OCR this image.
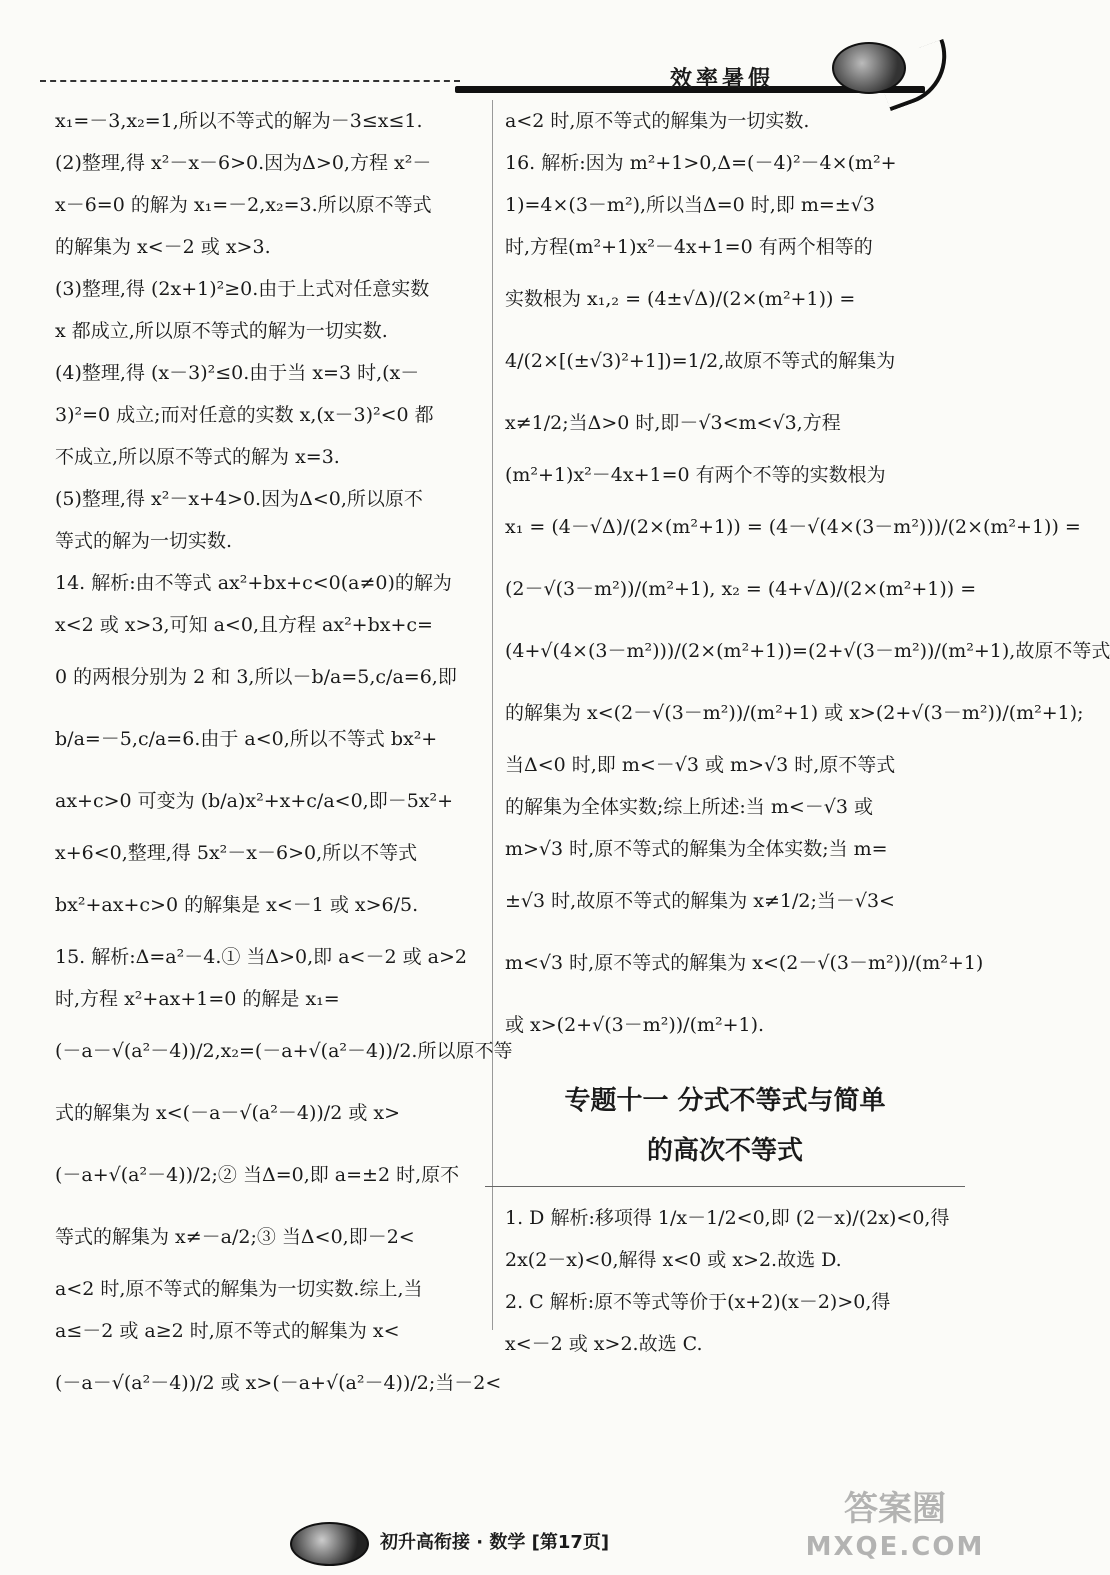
效率暑假

x₁=－3,x₂=1,所以不等式的解为－3≤x≤1.

(2)整理,得 x²－x－6>0.因为Δ>0,方程 x²－

x－6=0 的解为 x₁=－2,x₂=3.所以原不等式

的解集为 x<－2 或 x>3.

(3)整理,得 (2x+1)²≥0.由于上式对任意实数

x 都成立,所以原不等式的解为一切实数.

(4)整理,得 (x－3)²≤0.由于当 x=3 时,(x－

3)²=0 成立;而对任意的实数 x,(x－3)²<0 都

不成立,所以原不等式的解为 x=3.

(5)整理,得 x²－x+4>0.因为Δ<0,所以原不

等式的解为一切实数.

14. 解析:由不等式 ax²+bx+c<0(a≠0)的解为

x<2 或 x>3,可知 a<0,且方程 ax²+bx+c=

0 的两根分别为 2 和 3,所以－b/a=5,c/a=6,即

b/a=－5,c/a=6.由于 a<0,所以不等式 bx²+

ax+c>0 可变为 (b/a)x²+x+c/a<0,即－5x²+

x+6<0,整理,得 5x²－x－6>0,所以不等式

bx²+ax+c>0 的解集是 x<－1 或 x>6/5.

15. 解析:Δ=a²－4.① 当Δ>0,即 a<－2 或 a>2

时,方程 x²+ax+1=0 的解是 x₁=

(－a－√(a²－4))/2,x₂=(－a+√(a²－4))/2.所以原不等

式的解集为 x<(－a－√(a²－4))/2 或 x>

(－a+√(a²－4))/2;② 当Δ=0,即 a=±2 时,原不

等式的解集为 x≠－a/2;③ 当Δ<0,即－2<

a<2 时,原不等式的解集为一切实数.综上,当

a≤－2 或 a≥2 时,原不等式的解集为 x<

(－a－√(a²－4))/2 或 x>(－a+√(a²－4))/2;当－2<

a<2 时,原不等式的解集为一切实数.

16. 解析:因为 m²+1>0,Δ=(－4)²－4×(m²+

1)=4×(3－m²),所以当Δ=0 时,即 m=±√3

时,方程(m²+1)x²－4x+1=0 有两个相等的

实数根为 x₁,₂ = (4±√Δ)/(2×(m²+1)) =

4/(2×[(±√3)²+1])=1/2,故原不等式的解集为

x≠1/2;当Δ>0 时,即－√3<m<√3,方程

(m²+1)x²－4x+1=0 有两个不等的实数根为

x₁ = (4－√Δ)/(2×(m²+1)) = (4－√(4×(3－m²)))/(2×(m²+1)) =

(2－√(3－m²))/(m²+1), x₂ = (4+√Δ)/(2×(m²+1)) =

(4+√(4×(3－m²)))/(2×(m²+1))=(2+√(3－m²))/(m²+1),故原不等式

的解集为 x<(2－√(3－m²))/(m²+1) 或 x>(2+√(3－m²))/(m²+1);

当Δ<0 时,即 m<－√3 或 m>√3 时,原不等式

的解集为全体实数;综上所述:当 m<－√3 或

m>√3 时,原不等式的解集为全体实数;当 m=

±√3 时,故原不等式的解集为 x≠1/2;当－√3<

m<√3 时,原不等式的解集为 x<(2－√(3－m²))/(m²+1)

或 x>(2+√(3－m²))/(m²+1).

专题十一 分式不等式与简单
的高次不等式

1. D 解析:移项得 1/x－1/2<0,即 (2－x)/(2x)<0,得

2x(2－x)<0,解得 x<0 或 x>2.故选 D.

2. C 解析:原不等式等价于(x+2)(x－2)>0,得

x<－2 或 x>2.故选 C.

初升高衔接 · 数学 [第17页]
答案圈
MXQE.COM
